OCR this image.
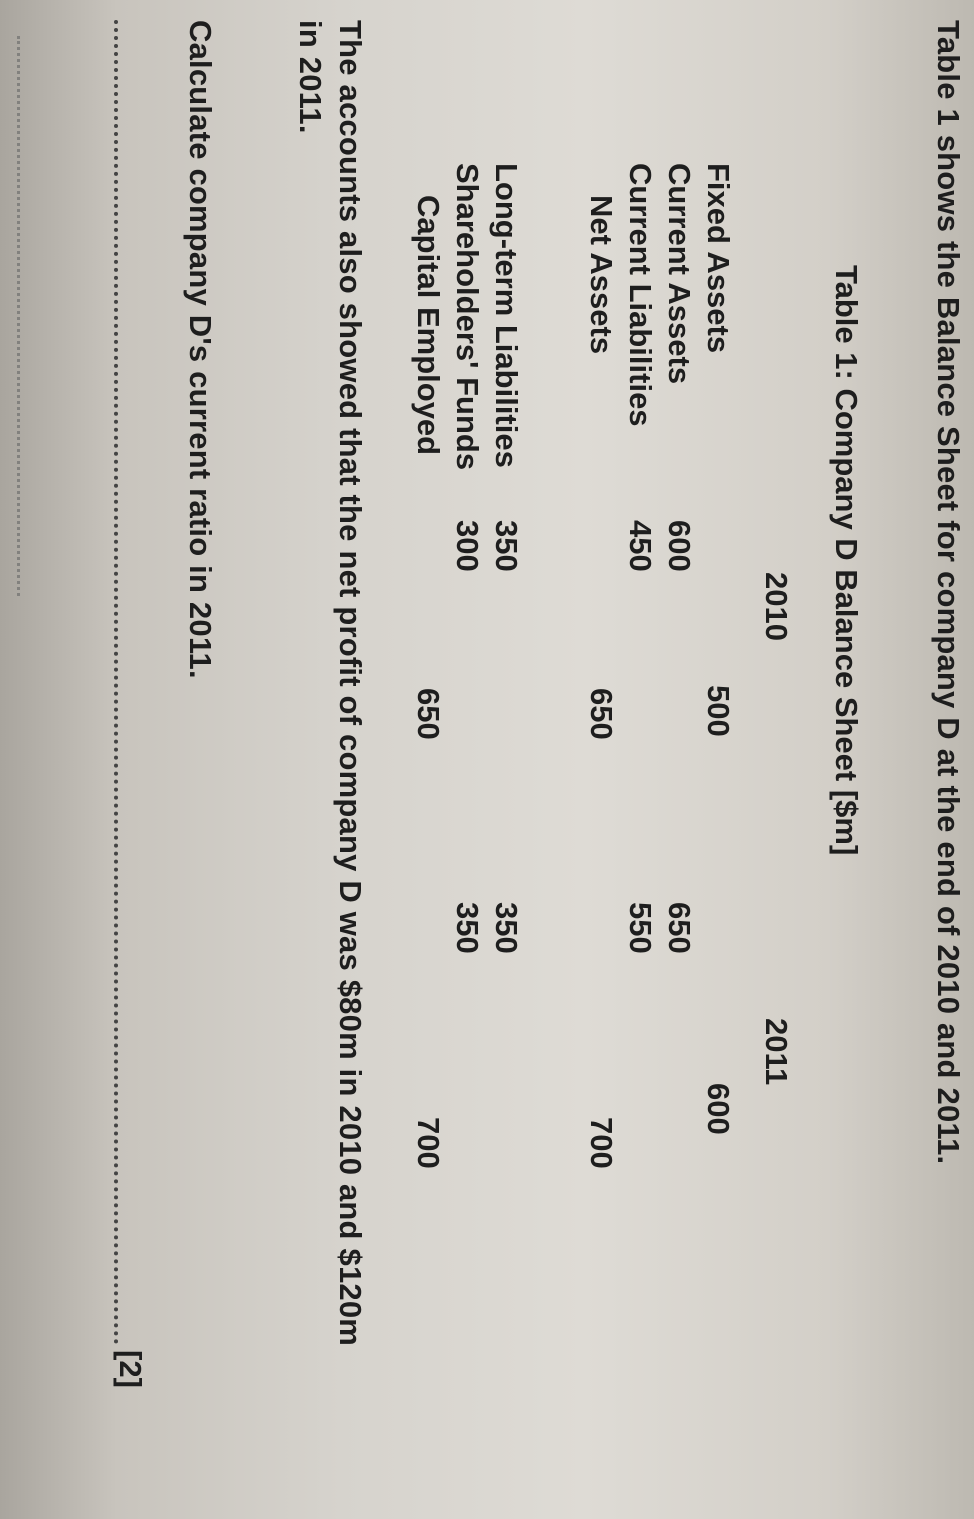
Table 1 shows the Balance Sheet for company D at the end of 2010 and 2011.
Table 1: Company D Balance Sheet [$m]
2010
2011
Fixed Assets
500
600
Current Assets
600
650
Current Liabilities
450
550
Net Assets
650
700
Long-term Liabilities
350
350
Shareholders' Funds
300
350
Capital Employed
650
700
The accounts also showed that the net profit of company D was $80m in 2010 and $120m
in 2011.
Calculate company D's current ratio in 2011.
[2]
